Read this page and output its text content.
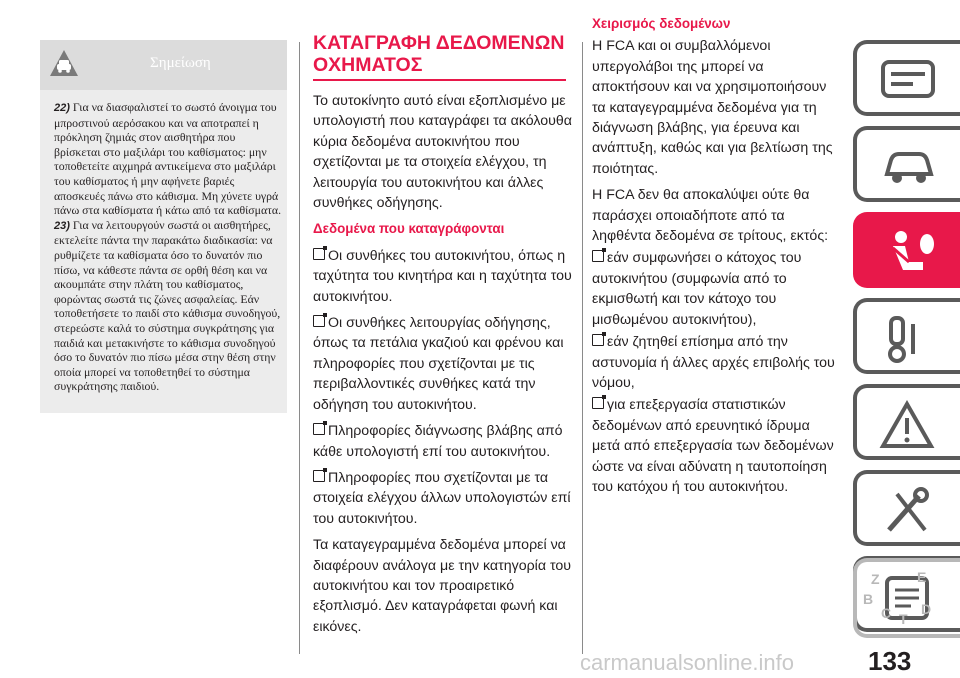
Σημείωση

22) Για να διασφαλιστεί το σωστό άνοιγμα του μπροστινού αερόσακου και να αποτραπεί η πρόκληση ζημιάς στον αισθητήρα που βρίσκεται στο μαξιλάρι του καθίσματος: μην τοποθετείτε αιχμηρά αντικείμενα στο μαξιλάρι του καθίσματος ή μην αφήνετε βαριές αποσκευές πάνω στο κάθισμα. Μη χύνετε υγρά πάνω στα καθίσματα ή κάτω από τα καθίσματα.

23) Για να λειτουργούν σωστά οι αισθητήρες, εκτελείτε πάντα την παρακάτω διαδικασία: να ρυθμίζετε τα καθίσματα όσο το δυνατόν πιο πίσω, να κάθεστε πάντα σε ορθή θέση και να ακουμπάτε στην πλάτη του καθίσματος, φορώντας σωστά τις ζώνες ασφαλείας. Εάν τοποθετήσετε το παιδί στο κάθισμα συνοδηγού, στερεώστε καλά το σύστημα συγκράτησης για παιδιά και μετακινήστε το κάθισμα συνοδηγού όσο το δυνατόν πιο πίσω μέσα στην θέση στην οποία μπορεί να τοποθετηθεί το σύστημα συγκράτησης παιδιού.

ΚΑΤΑΓΡΑΦΗ ΔΕΔΟΜΕΝΩΝ ΟΧΗΜΑΤΟΣ

Το αυτοκίνητο αυτό είναι εξοπλισμένο με υπολογιστή που καταγράφει τα ακόλουθα κύρια δεδομένα αυτοκινήτου που σχετίζονται με τα στοιχεία ελέγχου, τη λειτουργία του αυτοκινήτου και άλλες συνθήκες οδήγησης.

Δεδομένα που καταγράφονται

Οι συνθήκες του αυτοκινήτου, όπως η ταχύτητα του κινητήρα και η ταχύτητα του αυτοκινήτου.

Οι συνθήκες λειτουργίας οδήγησης, όπως τα πετάλια γκαζιού και φρένου και πληροφορίες που σχετίζονται με τις περιβαλλοντικές συνθήκες κατά την οδήγηση του αυτοκινήτου.

Πληροφορίες διάγνωσης βλάβης από κάθε υπολογιστή επί του αυτοκινήτου.

Πληροφορίες που σχετίζονται με τα στοιχεία ελέγχου άλλων υπολογιστών επί του αυτοκινήτου.

Τα καταγεγραμμένα δεδομένα μπορεί να διαφέρουν ανάλογα με την κατηγορία του αυτοκινήτου και τον προαιρετικό εξοπλισμό. Δεν καταγράφεται φωνή και εικόνες.

Χειρισμός δεδομένων

Η FCA και οι συμβαλλόμενοι υπεργολάβοι της μπορεί να αποκτήσουν και να χρησιμοποιήσουν τα καταγεγραμμένα δεδομένα για τη διάγνωση βλάβης, για έρευνα και ανάπτυξη, καθώς και για βελτίωση της ποιότητας.

Η FCA δεν θα αποκαλύψει ούτε θα παράσχει οποιαδήποτε από τα ληφθέντα δεδομένα σε τρίτους, εκτός:

εάν συμφωνήσει ο κάτοχος του αυτοκινήτου (συμφωνία από το εκμισθωτή και τον κάτοχο του μισθωμένου αυτοκινήτου),

εάν ζητηθεί επίσημα από την αστυνομία ή άλλες αρχές επιβολής του νόμου,

για επεξεργασία στατιστικών δεδομένων από ερευνητικό ίδρυμα μετά από επεξεργασία των δεδομένων ώστε να είναι αδύνατη η ταυτοποίηση του κατόχου ή του αυτοκινήτου.

Z	E
B
C T
D
133
carmanualsonline.info
